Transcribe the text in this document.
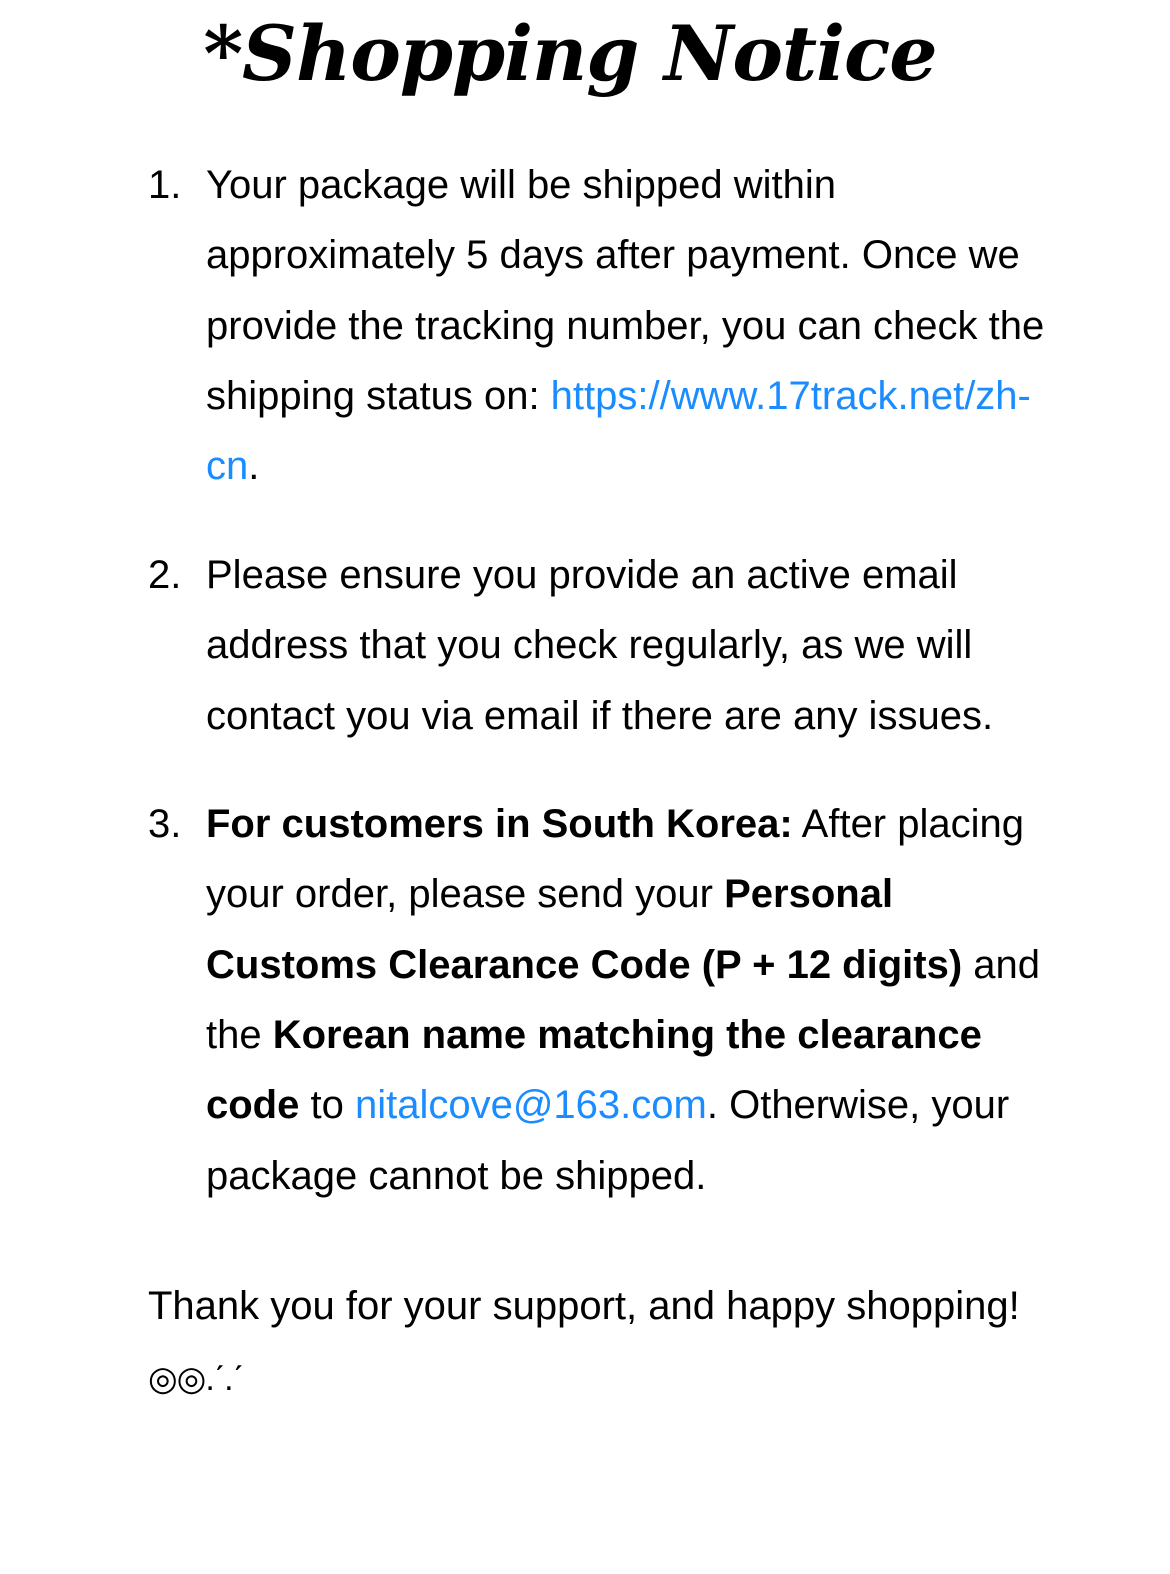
*Shopping Notice
1. Your package will be shipped within approximately 5 days after payment. Once we provide the tracking number, you can check the shipping status on: https://www.17track.net/zh-cn.
2. Please ensure you provide an active email address that you check regularly, as we will contact you via email if there are any issues.
3. For customers in South Korea: After placing your order, please send your Personal Customs Clearance Code (P + 12 digits) and the Korean name matching the clearance code to nitalcove@163.com. Otherwise, your package cannot be shipped.

Thank you for your support, and happy shopping! ◎◎.ˊ.ˊ
